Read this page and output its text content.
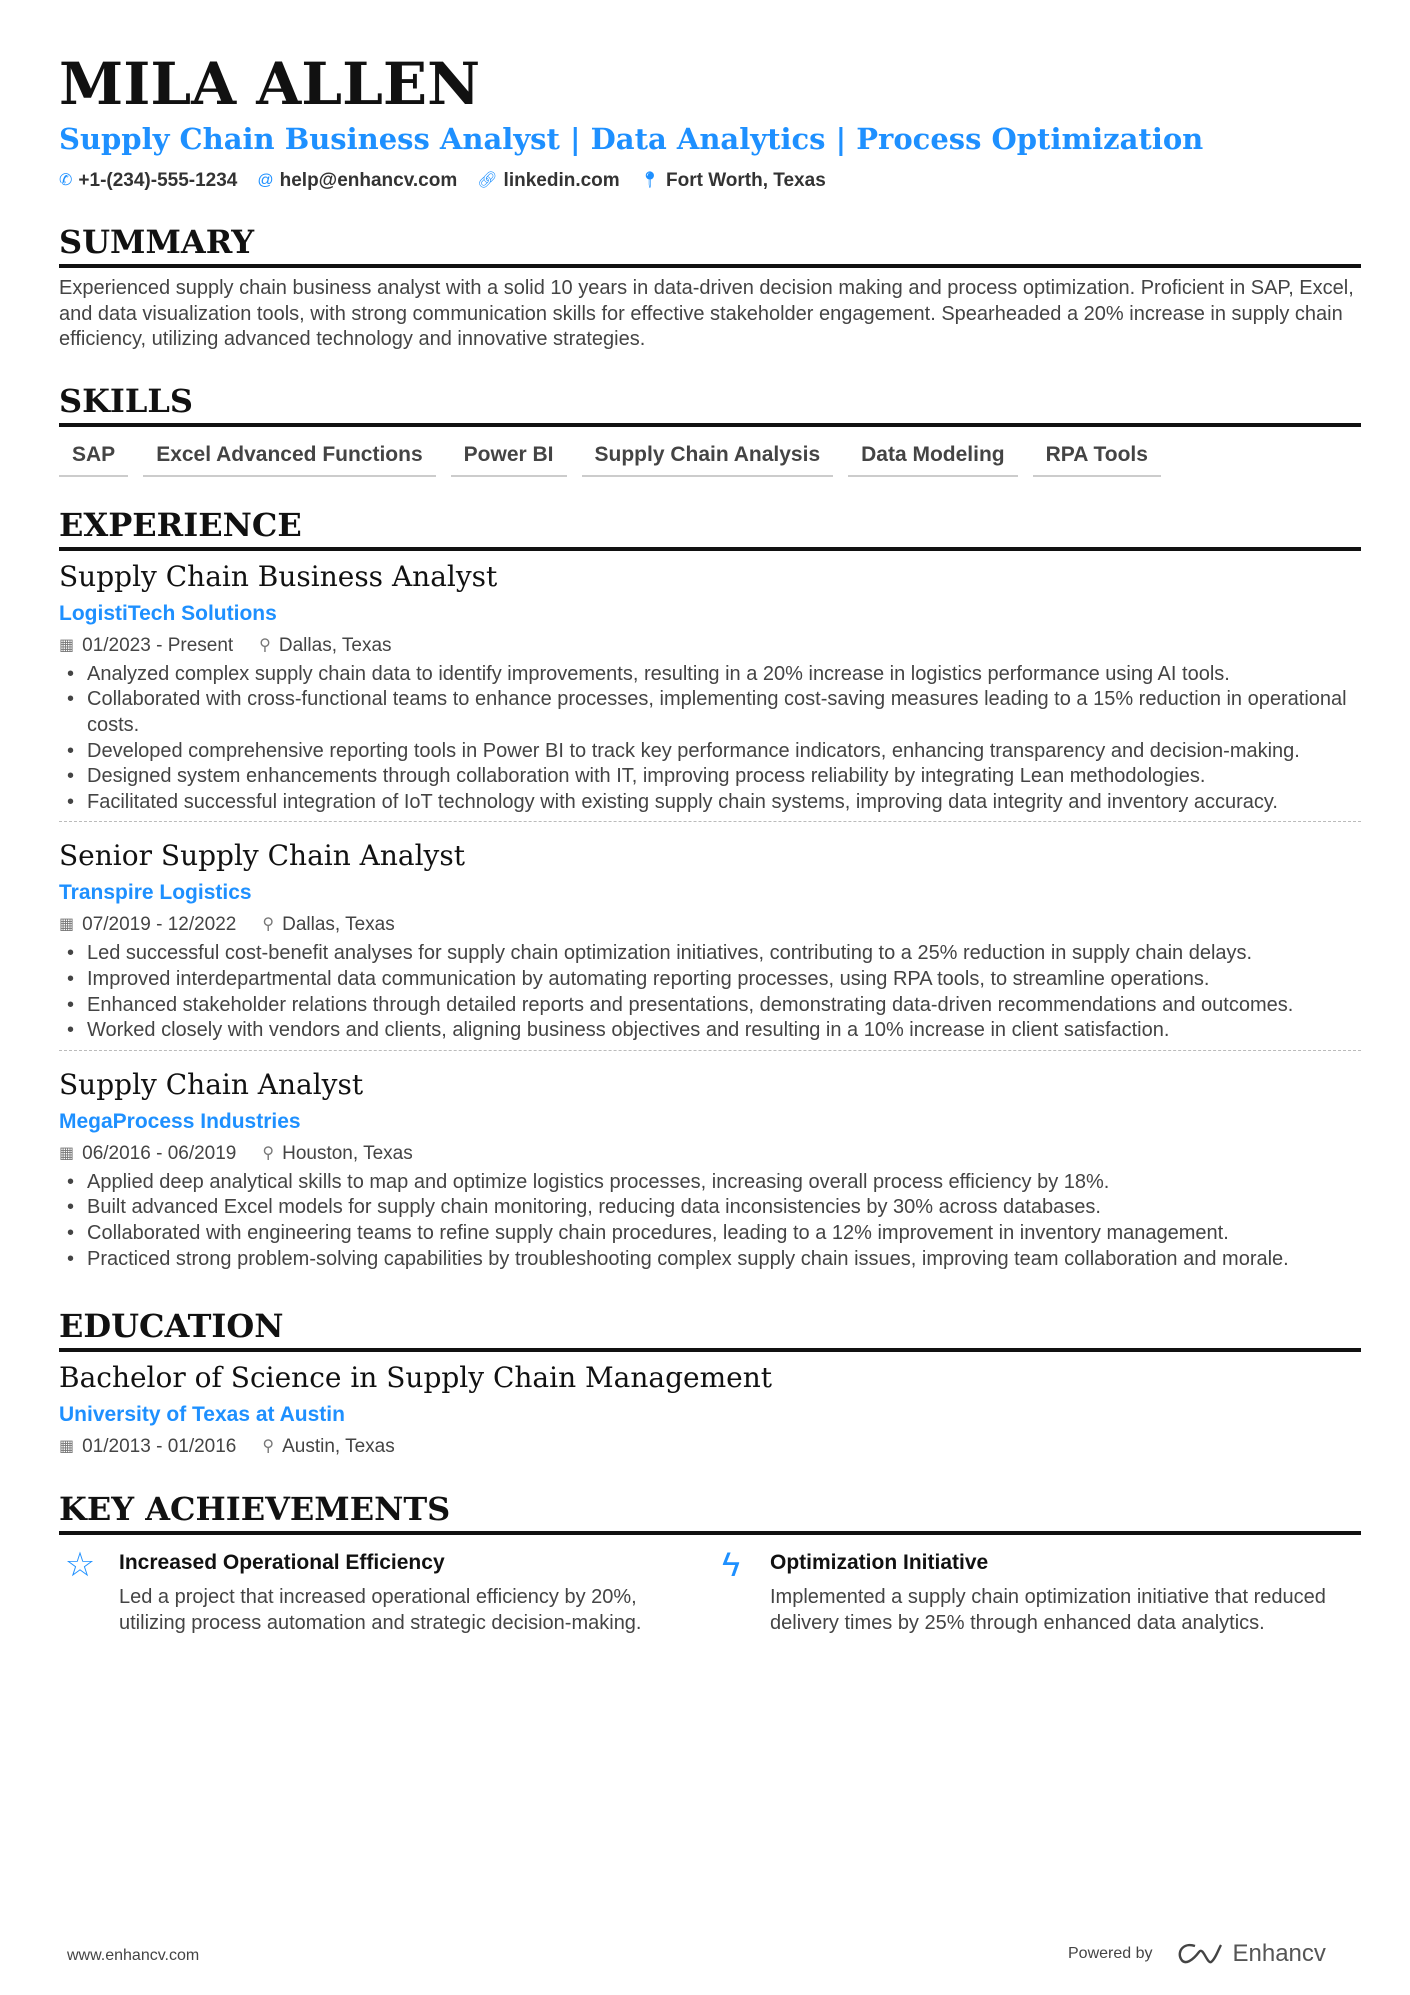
MILA ALLEN
Supply Chain Business Analyst | Data Analytics | Process Optimization
✆ +1-(234)-555-1234 @ help@enhancv.com 🔗︎ linkedin.com 📍︎ Fort Worth, Texas
SUMMARY

Experienced supply chain business analyst with a solid 10 years in data-driven decision making and process optimization. Proficient in SAP, Excel, and data visualization tools, with strong communication skills for effective stakeholder engagement. Spearheaded a 20% increase in supply chain efficiency, utilizing advanced technology and innovative strategies.

SKILLS
SAP	Excel Advanced Functions	Power BI	Supply Chain Analysis	Data Modeling	RPA Tools
EXPERIENCE
Supply Chain Business Analyst
LogistiTech Solutions
▦ 01/2023 - Present ⚲ Dallas, Texas
• Analyzed complex supply chain data to identify improvements, resulting in a 20% increase in logistics performance using AI tools.
• Collaborated with cross-functional teams to enhance processes, implementing cost-saving measures leading to a 15% reduction in operational costs.
• Developed comprehensive reporting tools in Power BI to track key performance indicators, enhancing transparency and decision-making.
• Designed system enhancements through collaboration with IT, improving process reliability by integrating Lean methodologies.
• Facilitated successful integration of IoT technology with existing supply chain systems, improving data integrity and inventory accuracy.
Senior Supply Chain Analyst
Transpire Logistics
▦ 07/2019 - 12/2022 ⚲ Dallas, Texas
• Led successful cost-benefit analyses for supply chain optimization initiatives, contributing to a 25% reduction in supply chain delays.
• Improved interdepartmental data communication by automating reporting processes, using RPA tools, to streamline operations.
• Enhanced stakeholder relations through detailed reports and presentations, demonstrating data-driven recommendations and outcomes.
• Worked closely with vendors and clients, aligning business objectives and resulting in a 10% increase in client satisfaction.
Supply Chain Analyst
MegaProcess Industries
▦ 06/2016 - 06/2019 ⚲ Houston, Texas
• Applied deep analytical skills to map and optimize logistics processes, increasing overall process efficiency by 18%.
• Built advanced Excel models for supply chain monitoring, reducing data inconsistencies by 30% across databases.
• Collaborated with engineering teams to refine supply chain procedures, leading to a 12% improvement in inventory management.
• Practiced strong problem-solving capabilities by troubleshooting complex supply chain issues, improving team collaboration and morale.
EDUCATION
Bachelor of Science in Supply Chain Management
University of Texas at Austin
▦ 01/2013 - 01/2016 ⚲ Austin, Texas
KEY ACHIEVEMENTS
☆ Increased Operational Efficiency
Led a project that increased operational efficiency by 20%, utilizing process automation and strategic decision-making.
ϟ	Optimization Initiative
Implemented a supply chain optimization initiative that reduced delivery times by 25% through enhanced data analytics.
www.enhancv.com	Powered by	Enhancv
